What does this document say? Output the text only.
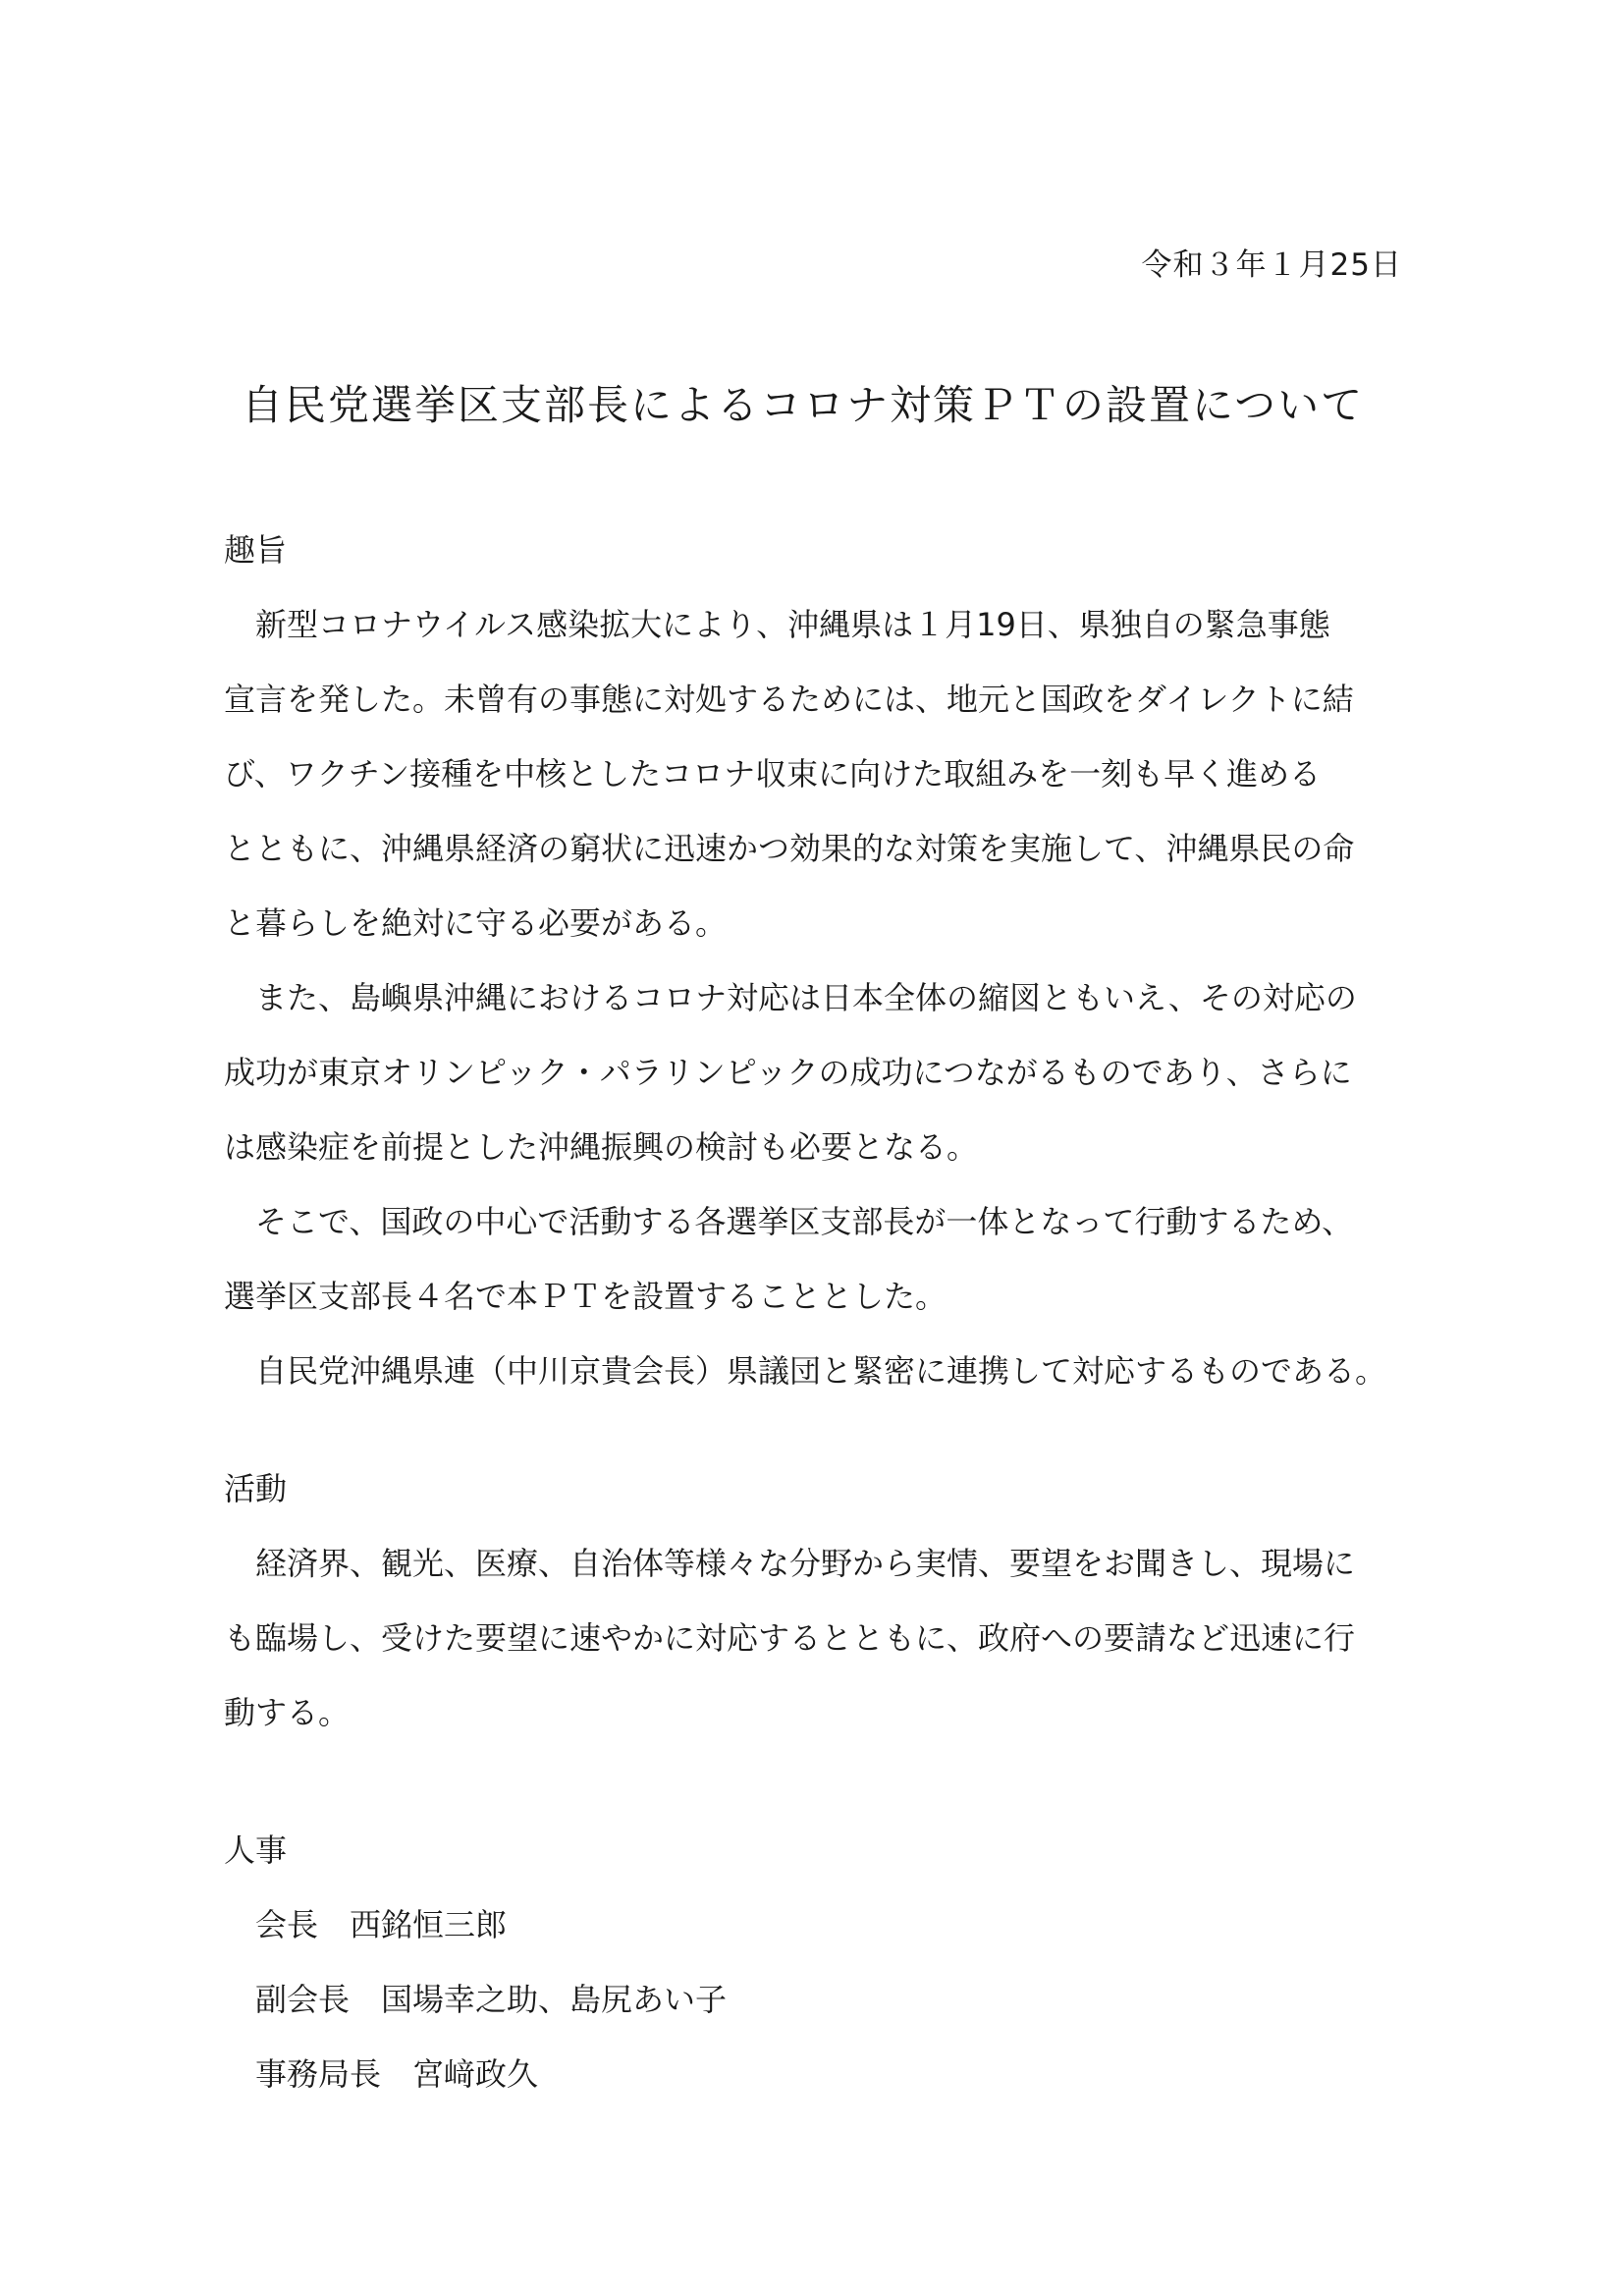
令和３年１月25日
自民党選挙区支部長によるコロナ対策ＰＴの設置について
趣旨

新型コロナウイルス感染拡大により、沖縄県は１月19日、県独自の緊急事態
宣言を発した。未曾有の事態に対処するためには、地元と国政をダイレクトに結
び、ワクチン接種を中核としたコロナ収束に向けた取組みを一刻も早く進める
とともに、沖縄県経済の窮状に迅速かつ効果的な対策を実施して、沖縄県民の命
と暮らしを絶対に守る必要がある。

また、島嶼県沖縄におけるコロナ対応は日本全体の縮図ともいえ、その対応の
成功が東京オリンピック・パラリンピックの成功につながるものであり、さらに
は感染症を前提とした沖縄振興の検討も必要となる。

そこで、国政の中心で活動する各選挙区支部長が一体となって行動するため、
選挙区支部長４名で本ＰＴを設置することとした。

自民党沖縄県連（中川京貴会長）県議団と緊密に連携して対応するものである。

活動

経済界、観光、医療、自治体等様々な分野から実情、要望をお聞きし、現場に
も臨場し、受けた要望に速やかに対応するとともに、政府への要請など迅速に行
動する。

人事
会長 西銘恒三郎
副会長 国場幸之助、島尻あい子
事務局長 宮﨑政久
